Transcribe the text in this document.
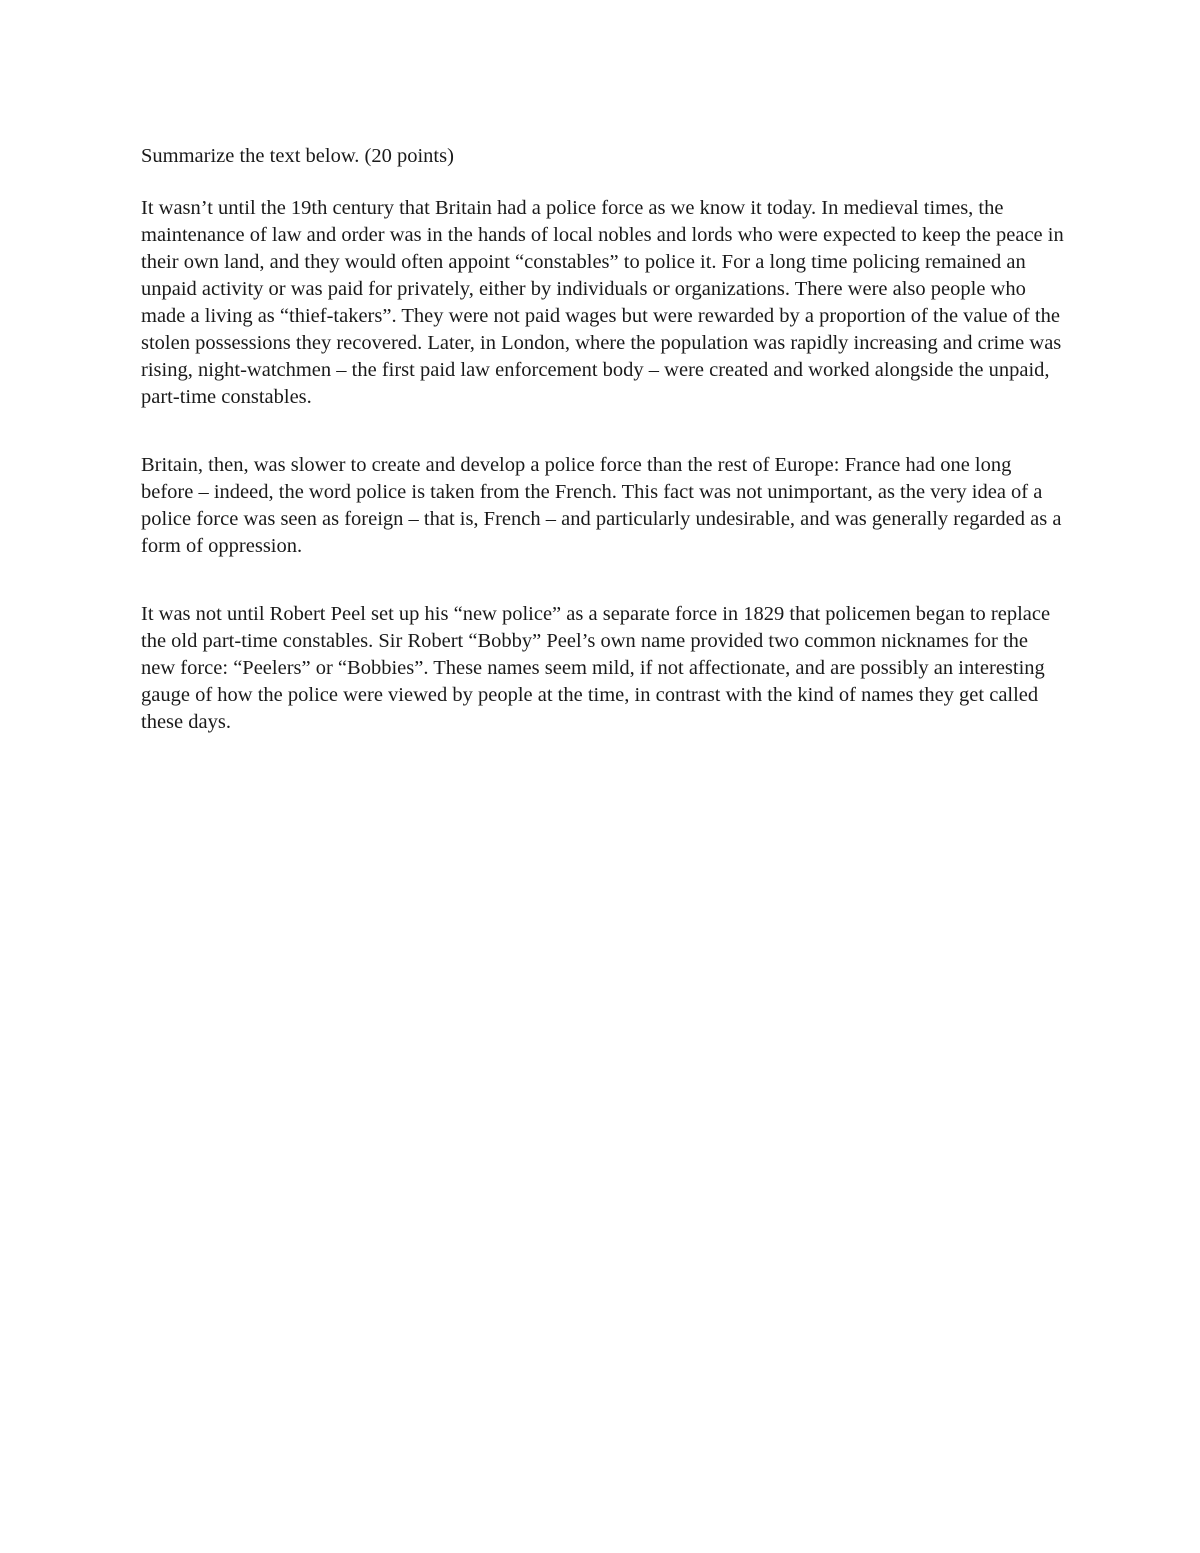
Summarize the text below. (20 points)

It wasn’t until the 19th century that Britain had a police force as we know it today. In medieval times, the maintenance of law and order was in the hands of local nobles and lords who were expected to keep the peace in their own land, and they would often appoint “constables” to police it. For a long time policing remained an unpaid activity or was paid for privately, either by individuals or organizations. There were also people who made a living as “thief-takers”. They were not paid wages but were rewarded by a proportion of the value of the stolen possessions they recovered. Later, in London, where the population was rapidly increasing and crime was rising, night-watchmen – the first paid law enforcement body – were created and worked alongside the unpaid, part-time constables.

Britain, then, was slower to create and develop a police force than the rest of Europe: France had one long before – indeed, the word police is taken from the French. This fact was not unimportant, as the very idea of a police force was seen as foreign – that is, French – and particularly undesirable, and was generally regarded as a form of oppression.

It was not until Robert Peel set up his “new police” as a separate force in 1829 that policemen began to replace the old part-time constables. Sir Robert “Bobby” Peel’s own name provided two common nicknames for the new force: “Peelers” or “Bobbies”. These names seem mild, if not affectionate, and are possibly an interesting gauge of how the police were viewed by people at the time, in contrast with the kind of names they get called these days.
